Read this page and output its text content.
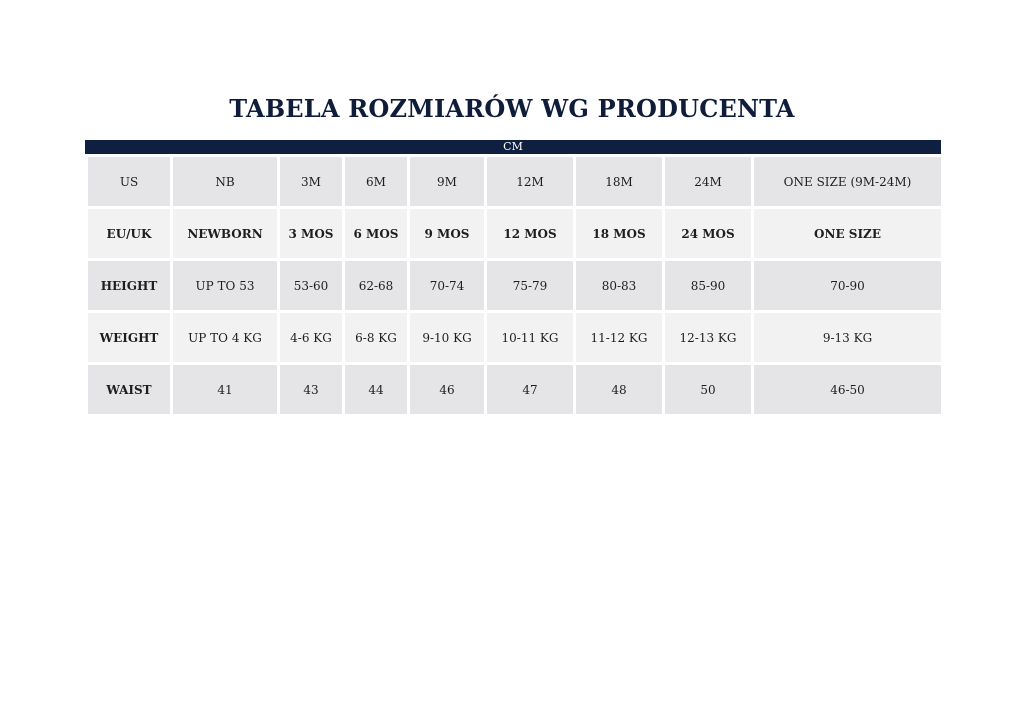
TABELA ROZMIARÓW WG PRODUCENTA
CM
US	NB	3M	6M	9M	12M	18M	24M	ONE SIZE (9M-24M)
EU/UK	NEWBORN	3 MOS	6 MOS	9 MOS	12 MOS	18 MOS	24 MOS	ONE SIZE
HEIGHT	UP TO 53	53-60	62-68	70-74	75-79	80-83	85-90	70-90
WEIGHT	UP TO 4 KG	4-6 KG	6-8 KG	9-10 KG	10-11 KG	11-12 KG	12-13 KG	9-13 KG
WAIST	41	43	44	46	47	48	50	46-50
